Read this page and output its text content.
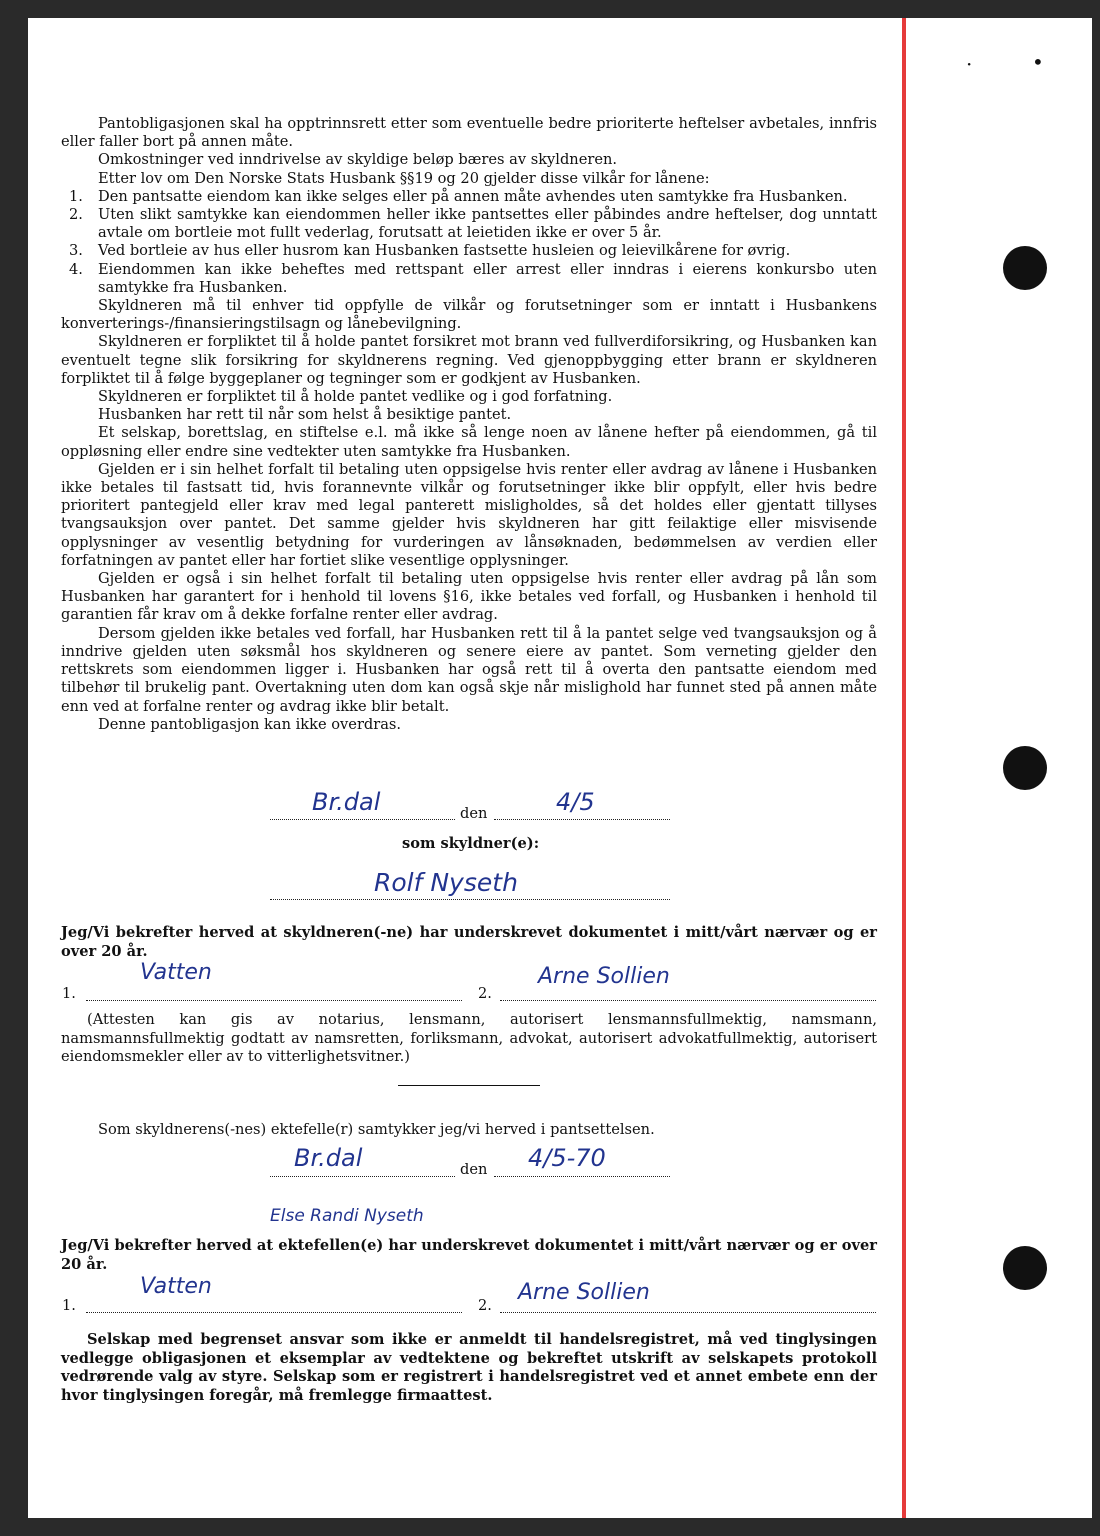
·	•

Pantobligasjonen skal ha opptrinnsrett etter som eventuelle bedre prioriterte heftelser avbetales, innfris eller faller bort på annen måte.

Omkostninger ved inndrivelse av skyldige beløp bæres av skyldneren.

Etter lov om Den Norske Stats Husbank §§19 og 20 gjelder disse vilkår for lånene:

1. Den pantsatte eiendom kan ikke selges eller på annen måte avhendes uten samtykke fra Husbanken.
2. Uten slikt samtykke kan eiendommen heller ikke pantsettes eller påbindes andre heftelser, dog unntatt avtale om bortleie mot fullt vederlag, forutsatt at leietiden ikke er over 5 år.
3. Ved bortleie av hus eller husrom kan Husbanken fastsette husleien og leievilkårene for øvrig.
4. Eiendommen kan ikke beheftes med rettspant eller arrest eller inndras i eierens konkursbo uten samtykke fra Husbanken.

Skyldneren må til enhver tid oppfylle de vilkår og forutsetninger som er inntatt i Husbankens konverterings-/finansieringstilsagn og lånebevilgning.

Skyldneren er forpliktet til å holde pantet forsikret mot brann ved fullverdiforsikring, og Husbanken kan eventuelt tegne slik forsikring for skyldnerens regning. Ved gjenoppbygging etter brann er skyldneren forpliktet til å følge byggeplaner og tegninger som er godkjent av Husbanken.

Skyldneren er forpliktet til å holde pantet vedlike og i god forfatning.

Husbanken har rett til når som helst å besiktige pantet.

Et selskap, borettslag, en stiftelse e.l. må ikke så lenge noen av lånene hefter på eiendommen, gå til oppløsning eller endre sine vedtekter uten samtykke fra Husbanken.

Gjelden er i sin helhet forfalt til betaling uten oppsigelse hvis renter eller avdrag av lånene i Husbanken ikke betales til fastsatt tid, hvis forannevnte vilkår og forutsetninger ikke blir oppfylt, eller hvis bedre prioritert pantegjeld eller krav med legal panterett misligholdes, så det holdes eller gjentatt tillyses tvangsauksjon over pantet. Det samme gjelder hvis skyldneren har gitt feilaktige eller misvisende opplysninger av vesentlig betydning for vurderingen av lånsøknaden, bedømmelsen av verdien eller forfatningen av pantet eller har fortiet slike vesentlige opplysninger.

Gjelden er også i sin helhet forfalt til betaling uten oppsigelse hvis renter eller avdrag på lån som Husbanken har garantert for i henhold til lovens §16, ikke betales ved forfall, og Husbanken i henhold til garantien får krav om å dekke forfalne renter eller avdrag.

Dersom gjelden ikke betales ved forfall, har Husbanken rett til å la pantet selge ved tvangsauksjon og å inndrive gjelden uten søksmål hos skyldneren og senere eiere av pantet. Som verneting gjelder den rettskrets som eiendommen ligger i. Husbanken har også rett til å overta den pantsatte eiendom med tilbehør til brukelig pant. Overtakning uten dom kan også skje når mislighold har funnet sted på annen måte enn ved at forfalne renter og avdrag ikke blir betalt.

Denne pantobligasjon kan ikke overdras.

Br.dal	den	4/5
som skyldner(e):
Rolf Nyseth

Jeg/Vi bekrefter herved at skyldneren(-ne) har underskrevet dokumentet i mitt/vårt nærvær og er over 20 år.

1.
Vatten
2.
Arne Sollien

(Attesten kan gis av notarius, lensmann, autorisert lensmannsfullmektig, namsmann, namsmannsfullmektig godtatt av namsretten, forliksmann, advokat, autorisert advokatfullmektig, autorisert eiendomsmekler eller av to vitterlighetsvitner.)

Som skyldnerens(-nes) ektefelle(r) samtykker jeg/vi herved i pantsettelsen.
Br.dal	den 4/5-70
Else Randi Nyseth

Jeg/Vi bekrefter herved at ektefellen(e) har underskrevet dokumentet i mitt/vårt nærvær og er over 20 år.

1.
Vatten
2.
Arne Sollien

Selskap med begrenset ansvar som ikke er anmeldt til handelsregistret, må ved tinglysingen vedlegge obligasjonen et eksemplar av vedtektene og bekreftet utskrift av selskapets protokoll vedrørende valg av styre. Selskap som er registrert i handelsregistret ved et annet embete enn der hvor tinglysingen foregår, må fremlegge firmaattest.
